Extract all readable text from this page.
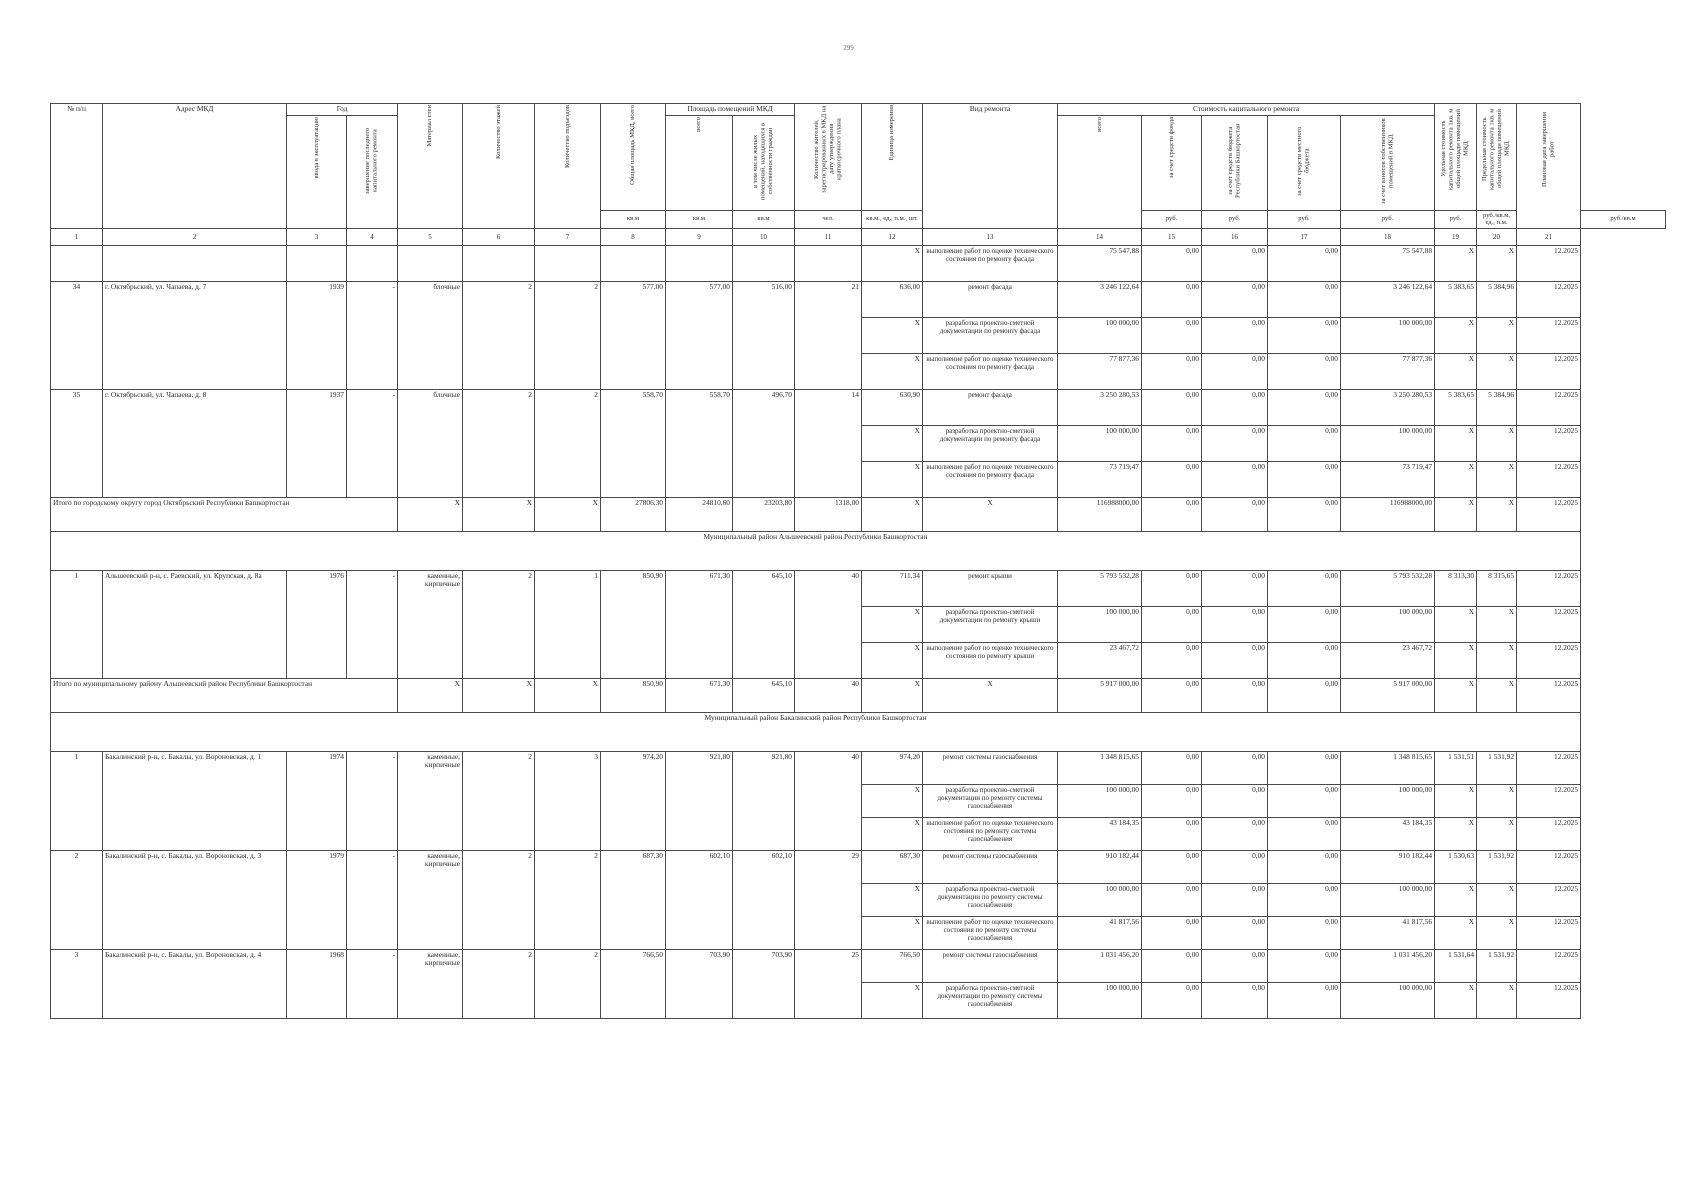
299
№ п/п	Адрес МКД	Год		Материал стен	Количество этажей	Количество подъездов	Общая площадь МКД, всего	Площадь помещений МКД		Количество жителей, зарегистрированных в МКД на дату утверждения краткосрочного плана	Единица измерения	Вид ремонта	Стоимость капитального ремонта					Удельная стоимость капитального ремонта 1кв. м общей площади помещений МКД	Предельная стоимость капитального ремонта 1кв. м общей площади помещений МКД	Плановая дата завершения работ	
		ввода в эксплуатацию	завершение последнего капитального ремонта					всего	в том числе жилых помещений, находящихся в собственности граждан				всего	за счет средств фонда	за счет средств бюджета Республики Башкортостан	за счет средств местного бюджета	за счет взносов собственников помещений в МКД				
							кв.м	кв.м	кв.м	чел.	кв.м., ед., п.м., шт.			руб.	руб.	руб.	руб.	руб.	руб./кв.м, ед., п.м.		руб./кв.м
1	2	3	4	5	6	7	8	9	10	11	12	13	14	15	16	17	18	19	20	21	
											X	выполнение работ по оценке технического состояния по ремонту фасада	75 547,88	0,00	0,00	0,00	75 547,88	X	X	12.2025	
34	г. Октябрьский, ул. Чапаева, д. 7	1939	-	блочные	2	2	577,00	577,00	516,00	21	636,00	ремонт фасада	3 246 122,64	0,00	0,00	0,00	3 246 122,64	5 383,65	5 384,96	12.2025	
											X	разработка проектно-сметной документации по ремонту фасада	100 000,00	0,00	0,00	0,00	100 000,00	X	X	12.2025	
											X	выполнение работ по оценке технического состояния по ремонту фасада	77 877,36	0,00	0,00	0,00	77 877,36	X	X	12.2025	
35	г. Октябрьский, ул. Чапаева, д. 8	1937	-	блочные	2	2	558,70	558,70	496,70	14	630,90	ремонт фасада	3 250 280,53	0,00	0,00	0,00	3 250 280,53	5 383,65	5 384,96	12.2025	
											X	разработка проектно-сметной документации по ремонту фасада	100 000,00	0,00	0,00	0,00	100 000,00	X	X	12.2025	
											X	выполнение работ по оценке технического состояния по ремонту фасада	73 719,47	0,00	0,00	0,00	73 719,47	X	X	12.2025	
Итого по городскому округу город Октябрьский Республики Башкортостан				X	X	X	27806,30	24810,60	23203,80	1318,00	X	X	116988000,00	0,00	0,00	0,00	116988000,00	X	X	12.2025	
Муниципальный район Альшеевский район Республики Башкортостан																					
1	Альшеевский р-н, с. Раевский, ул. Крупская, д. 8а	1976	-	каменные, кирпичные	2	1	850,90	671,30	645,10	40	711,34	ремонт крыши	5 793 532,28	0,00	0,00	0,00	5 793 532,28	8 313,30	8 315,65	12.2025	
											X	разработка проектно-сметной документации по ремонту крыши	100 000,00	0,00	0,00	0,00	100 000,00	X	X	12.2025	
											X	выполнение работ по оценке технического состояния по ремонту крыши	23 467,72	0,00	0,00	0,00	23 467,72	X	X	12.2025	
Итого по муниципальному району Альшеевский район Республики Башкортостан				X	X	X	850,90	671,30	645,10	40	X	X	5 917 000,00	0,00	0,00	0,00	5 917 000,00	X	X	12.2025	
Муниципальный район Бакалинский район Республики Башкортостан																					
1	Бакалинский р-н, с. Бакалы, ул. Вороновская, д. 1	1974	-	каменные, кирпичные	2	3	974,20	921,80	921,80	40	974,20	ремонт системы газоснабжения	1 348 815,65	0,00	0,00	0,00	1 348 815,65	1 531,51	1 531,92	12.2025	
											X	разработка проектно-сметной документации по ремонту системы газоснабжения	100 000,00	0,00	0,00	0,00	100 000,00	X	X	12.2025	
											X	выполнение работ по оценке технического состояния по ремонту системы газоснабжения	43 184,35	0,00	0,00	0,00	43 184,35	X	X	12.2025	
2	Бакалинский р-н, с. Бакалы, ул. Вороновская, д. 3	1979	-	каменные, кирпичные	2	2	687,30	602,10	602,10	29	687,30	ремонт системы газоснабжения	910 182,44	0,00	0,00	0,00	910 182,44	1 530,63	1 531,92	12.2025	
											X	разработка проектно-сметной документации по ремонту системы газоснабжения	100 000,00	0,00	0,00	0,00	100 000,00	X	X	12.2025	
											X	выполнение работ по оценке технического состояния по ремонту системы газоснабжения	41 817,56	0,00	0,00	0,00	41 817,56	X	X	12.2025	
3	Бакалинский р-н, с. Бакалы, ул. Вороновская, д. 4	1968	-	каменные, кирпичные	2	2	766,50	703,90	703,90	25	766,50	ремонт системы газоснабжения	1 031 456,20	0,00	0,00	0,00	1 031 456,20	1 531,64	1 531,92	12.2025	
											X	разработка проектно-сметной документации по ремонту системы газоснабжения	100 000,00	0,00	0,00	0,00	100 000,00	X	X	12.2025	
